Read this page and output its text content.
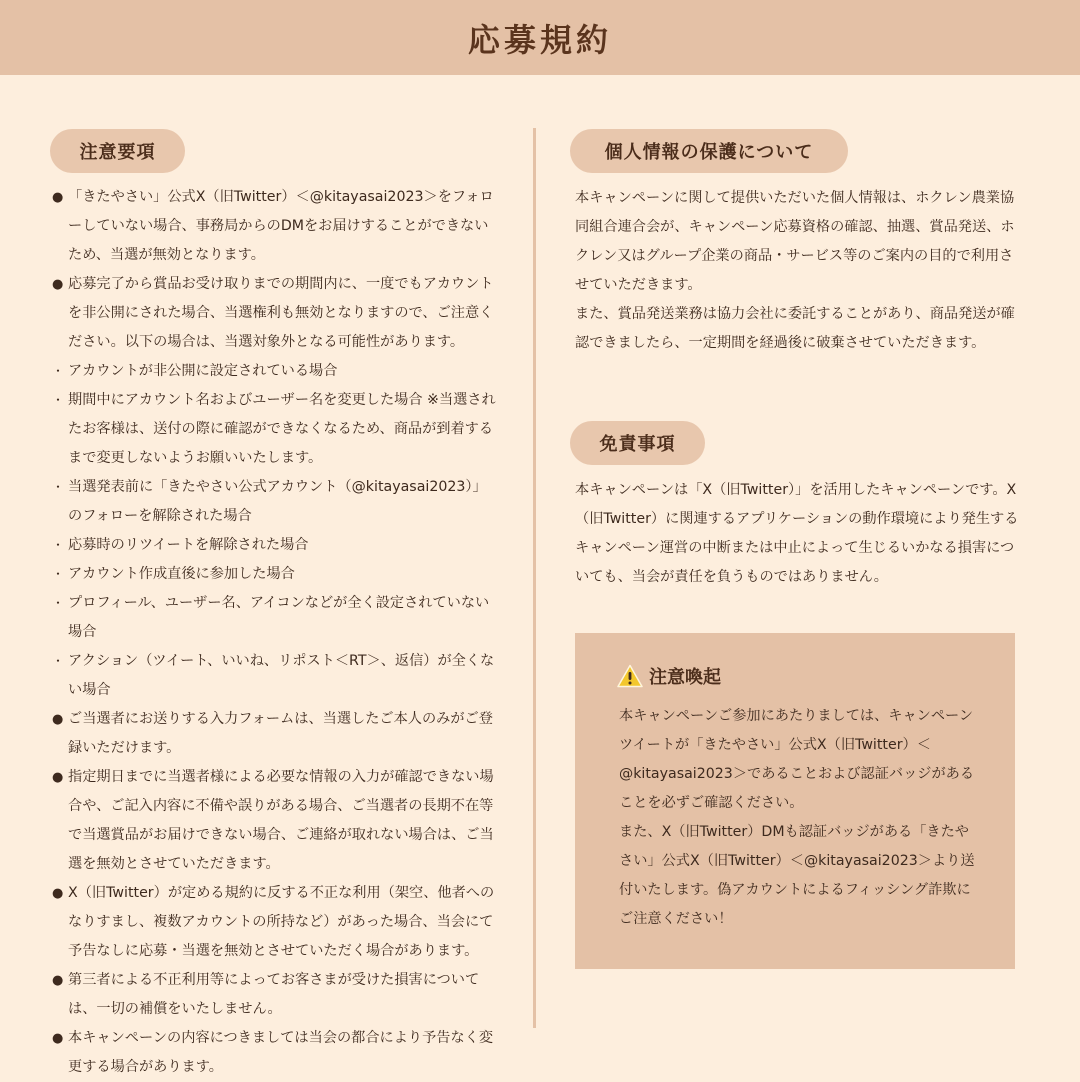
応募規約
注意要項
● 「きたやさい」公式X（旧Twitter）＜@kitayasai2023＞をフォローしていない場合、事務局からのDMをお届けすることができないため、当選が無効となります。
● 応募完了から賞品お受け取りまでの期間内に、一度でもアカウントを非公開にされた場合、当選権利も無効となりますので、ご注意ください。以下の場合は、当選対象外となる可能性があります。
・ アカウントが非公開に設定されている場合
・ 期間中にアカウント名およびユーザー名を変更した場合 ※当選されたお客様は、送付の際に確認ができなくなるため、商品が到着するまで変更しないようお願いいたします。
・ 当選発表前に「きたやさい公式アカウント（@kitayasai2023）」のフォローを解除された場合
・ 応募時のリツイートを解除された場合
・ アカウント作成直後に参加した場合
・ プロフィール、ユーザー名、アイコンなどが全く設定されていない場合
・ アクション（ツイート、いいね、リポスト＜RT＞、返信）が全くない場合
● ご当選者にお送りする入力フォームは、当選したご本人のみがご登録いただけます。
● 指定期日までに当選者様による必要な情報の入力が確認できない場合や、ご記入内容に不備や誤りがある場合、ご当選者の長期不在等で当選賞品がお届けできない場合、ご連絡が取れない場合は、ご当選を無効とさせていただきます。
● X（旧Twitter）が定める規約に反する不正な利用（架空、他者へのなりすまし、複数アカウントの所持など）があった場合、当会にて予告なしに応募・当選を無効とさせていただく場合があります。
● 第三者による不正利用等によってお客さまが受けた損害については、一切の補償をいたしません。
● 本キャンペーンの内容につきましては当会の都合により予告なく変更する場合があります。
個人情報の保護について

本キャンペーンに関して提供いただいた個人情報は、ホクレン農業協同組合連合会が、キャンペーン応募資格の確認、抽選、賞品発送、ホクレン又はグループ企業の商品・サービス等のご案内の目的で利用させていただきます。

また、賞品発送業務は協力会社に委託することがあり、商品発送が確認できましたら、一定期間を経過後に破棄させていただきます。

免責事項

本キャンペーンは「X（旧Twitter）」を活用したキャンペーンです。X（旧Twitter）に関連するアプリケーションの動作環境により発生するキャンペーン運営の中断または中止によって生じるいかなる損害についても、当会が責任を負うものではありません。

注意喚起

本キャンペーンご参加にあたりましては、キャンペーンツイートが「きたやさい」公式X（旧Twitter）＜@kitayasai2023＞であることおよび認証バッジがあることを必ずご確認ください。

また、X（旧Twitter）DMも認証バッジがある「きたやさい」公式X（旧Twitter）＜@kitayasai2023＞より送付いたします。偽アカウントによるフィッシング詐欺にご注意ください！
